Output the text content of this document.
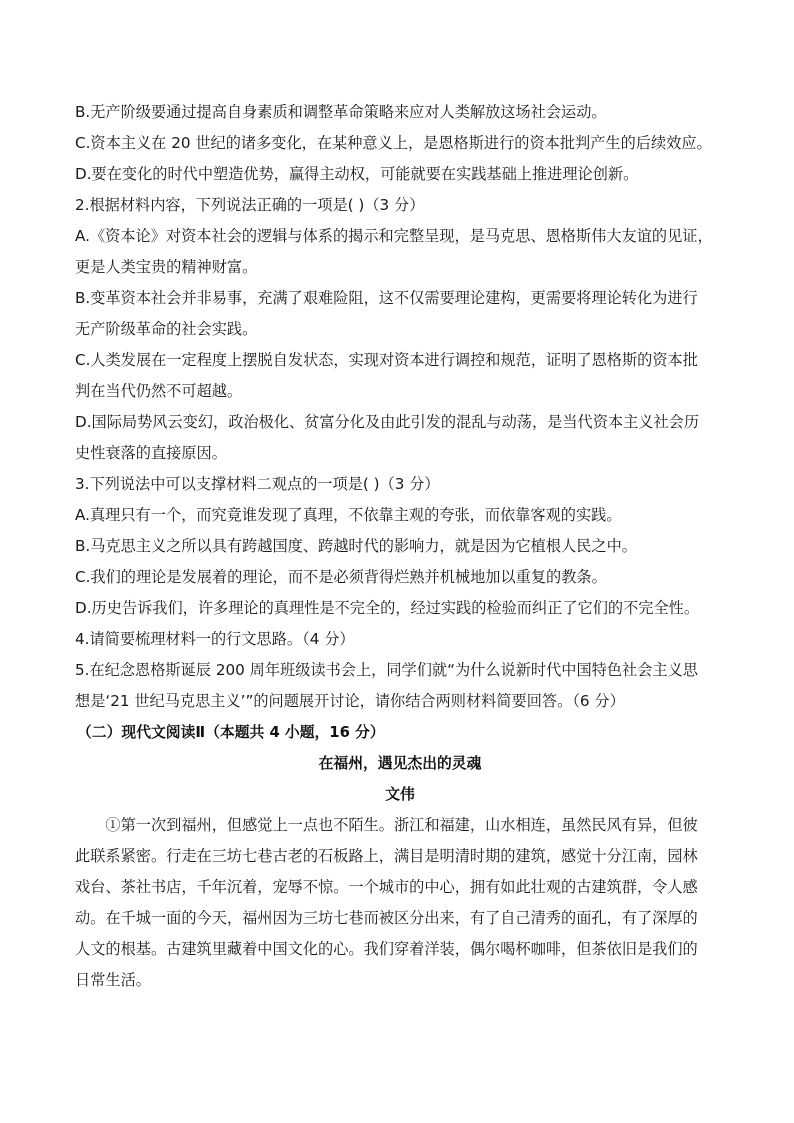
B.无产阶级要通过提高自身素质和调整革命策略来应对人类解放这场社会运动。

C.资本主义在 20 世纪的诸多变化，在某种意义上，是恩格斯进行的资本批判产生的后续效应。

D.要在变化的时代中塑造优势，赢得主动权，可能就要在实践基础上推进理论创新。

2.根据材料内容，下列说法正确的一项是( )（3 分）

A.《资本论》对资本社会的逻辑与体系的揭示和完整呈现，是马克思、恩格斯伟大友谊的见证，

更是人类宝贵的精神财富。

B.变革资本社会并非易事，充满了艰难险阻，这不仅需要理论建构，更需要将理论转化为进行

无产阶级革命的社会实践。

C.人类发展在一定程度上摆脱自发状态，实现对资本进行调控和规范，证明了恩格斯的资本批

判在当代仍然不可超越。

D.国际局势风云变幻，政治极化、贫富分化及由此引发的混乱与动荡，是当代资本主义社会历

史性衰落的直接原因。

3.下列说法中可以支撑材料二观点的一项是( )（3 分）

A.真理只有一个，而究竟谁发现了真理，不依靠主观的夸张，而依靠客观的实践。

B.马克思主义之所以具有跨越国度、跨越时代的影响力，就是因为它植根人民之中。

C.我们的理论是发展着的理论，而不是必须背得烂熟并机械地加以重复的教条。

D.历史告诉我们，许多理论的真理性是不完全的，经过实践的检验而纠正了它们的不完全性。

4.请简要梳理材料一的行文思路。（4 分）

5.在纪念恩格斯诞辰 200 周年班级读书会上，同学们就“为什么说新时代中国特色社会主义思

想是‘21 世纪马克思主义’”的问题展开讨论，请你结合两则材料简要回答。（6 分）

（二）现代文阅读Ⅱ（本题共 4 小题，16 分）

在福州，遇见杰出的灵魂

文伟

①第一次到福州，但感觉上一点也不陌生。浙江和福建，山水相连，虽然民风有异，但彼

此联系紧密。行走在三坊七巷古老的石板路上，满目是明清时期的建筑，感觉十分江南，园林

戏台、茶社书店，千年沉着，宠辱不惊。一个城市的中心，拥有如此壮观的古建筑群，令人感

动。在千城一面的今天，福州因为三坊七巷而被区分出来，有了自己清秀的面孔，有了深厚的

人文的根基。古建筑里藏着中国文化的心。我们穿着洋装，偶尔喝杯咖啡，但茶依旧是我们的

日常生活。
